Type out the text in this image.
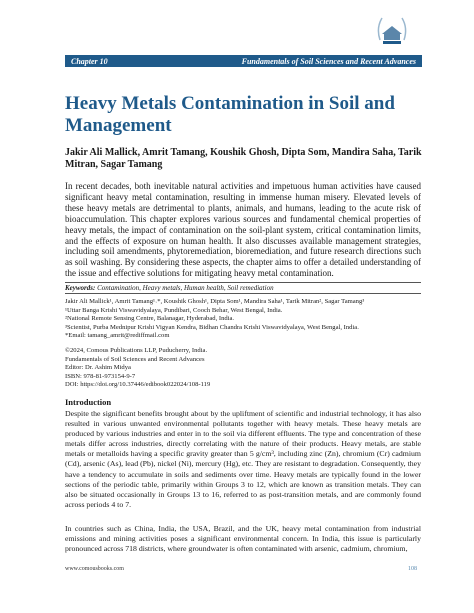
Chapter 10	Fundamentals of Soil Sciences and Recent Advances
Heavy Metals Contamination in Soil and Management
Jakir Ali Mallick, Amrit Tamang, Koushik Ghosh, Dipta Som, Mandira Saha, Tarik Mitran, Sagar Tamang
In recent decades, both inevitable natural activities and impetuous human activities have caused significant heavy metal contamination, resulting in immense human misery. Elevated levels of these heavy metals are detrimental to plants, animals, and humans, leading to the acute risk of bioaccumulation. This chapter explores various sources and fundamental chemical properties of heavy metals, the impact of contamination on the soil-plant system, critical contamination limits, and the effects of exposure on human health. It also discusses available management strategies, including soil amendments, phytoremediation, bioremediation, and future research directions such as soil washing. By considering these aspects, the chapter aims to offer a detailed understanding of the issue and effective solutions for mitigating heavy metal contamination.
Keywords: Contamination, Heavy metals, Human health, Soil remediation
Jakir Ali Mallick¹, Amrit Tamang¹˒*, Koushik Ghosh¹, Dipta Som¹, Mandira Saha¹, Tarik Mitran², Sagar Tamang³
¹Uttar Banga Krishi Viswavidyalaya, Pundibari, Cooch Behar, West Bengal, India.
²National Remote Sensing Centre, Balanagar, Hyderabad, India.
³Scientist, Purba Mednipur Krishi Vigyan Kendra, Bidhan Chandra Krishi Viswavidyalaya, West Bengal, India.
*Email: tamang_amrit@rediffmail.com
©2024, Comous Publications LLP, Puducherry, India.
Fundamentals of Soil Sciences and Recent Advances
Editor: Dr. Ashim Midya
ISBN: 978-81-973154-9-7
DOI: https://doi.org/10.37446/edibook022024/108-119
Introduction
Despite the significant benefits brought about by the upliftment of scientific and industrial technology, it has also resulted in various unwanted environmental pollutants together with heavy metals. These heavy metals are produced by various industries and enter in to the soil via different effluents. The type and concentration of these metals differ across industries, directly correlating with the nature of their products. Heavy metals, are stable metals or metalloids having a specific gravity greater than 5 g/cm³, including zinc (Zn), chromium (Cr) cadmium (Cd), arsenic (As), lead (Pb), nickel (Ni), mercury (Hg), etc. They are resistant to degradation. Consequently, they have a tendency to accumulate in soils and sediments over time. Heavy metals are typically found in the lower sections of the periodic table, primarily within Groups 3 to 12, which are known as transition metals. They can also be situated occasionally in Groups 13 to 16, referred to as post-transition metals, and are commonly found across periods 4 to 7.
In countries such as China, India, the USA, Brazil, and the UK, heavy metal contamination from industrial emissions and mining activities poses a significant environmental concern. In India, this issue is particularly pronounced across 718 districts, where groundwater is often contaminated with arsenic, cadmium, chromium,
www.comousbooks.com	108
